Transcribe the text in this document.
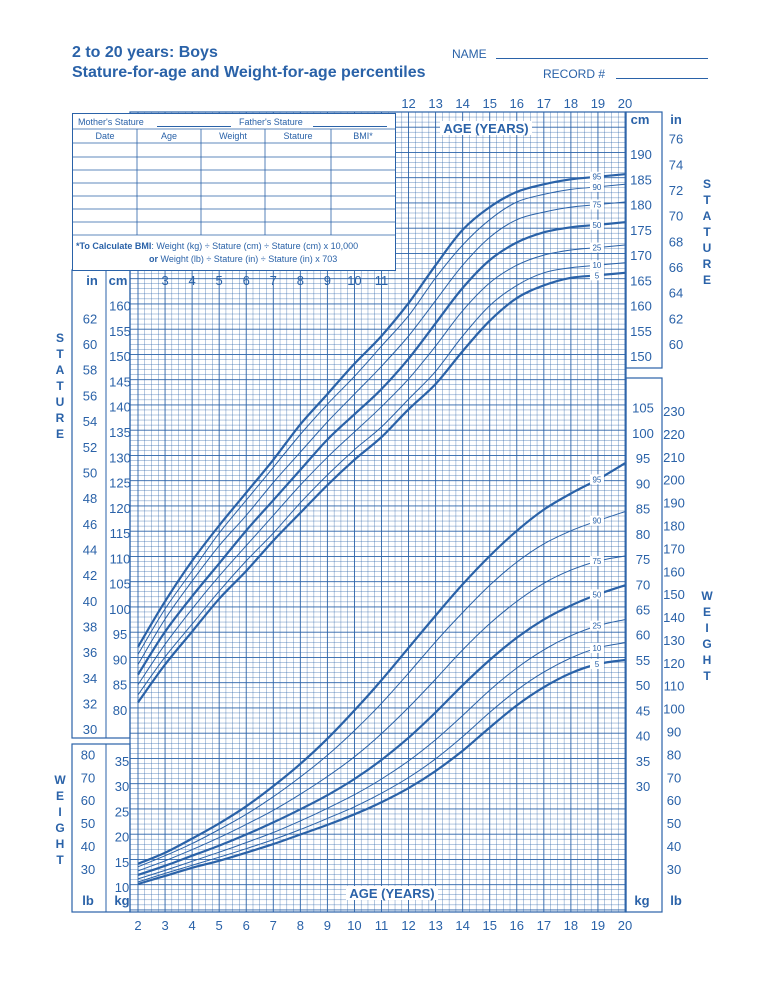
2 to 20 years: Boys
Stature-for-age and Weight-for-age percentiles
NAME
RECORD #
2 3
3
4
4
5
5
6
6
7
7
8
8
9
9
10
10
11
11
12
12
13
13
14
14
15
15
16
16
17
17
18
18
19
19
20
20
AGE (YEARS)
AGE (YEARS)
in cm
cm in
80
85
90
95
100
105
110
115
120
125
130
135
140
145
150
155
160
150
155
160
165
170
175
180
185
190
30
32
34
36
38
40
42
44
46
48
50
52
54
56
58
60
62
60
62
64
66
68
70
72
74
76
lb kg	kg lb
10
15
20
25
30
35
30
35
40
45
50
55
60
65
70
75
80
85
90
95
100
105
30
40
50
60
70
80
30
40
50
60
70
80
90
100
110
120
130
140
150
160
170
180
190
200
210
220
230
5
10
25
50
75
90
95
5
10
25
50
75
90
95
Mother's Stature	Father's Stature
Date	Age	Weight	Stature	BMI*
*To Calculate BMI: Weight (kg) ÷ Stature (cm) ÷ Stature (cm) x 10,000
or Weight (lb) ÷ Stature (in) ÷ Stature (in) x 703
S
T
A
T
U
R
E
W
E
I
G
H
T
S
T
A
T
U
R
E
W
E
I
G
H
T
